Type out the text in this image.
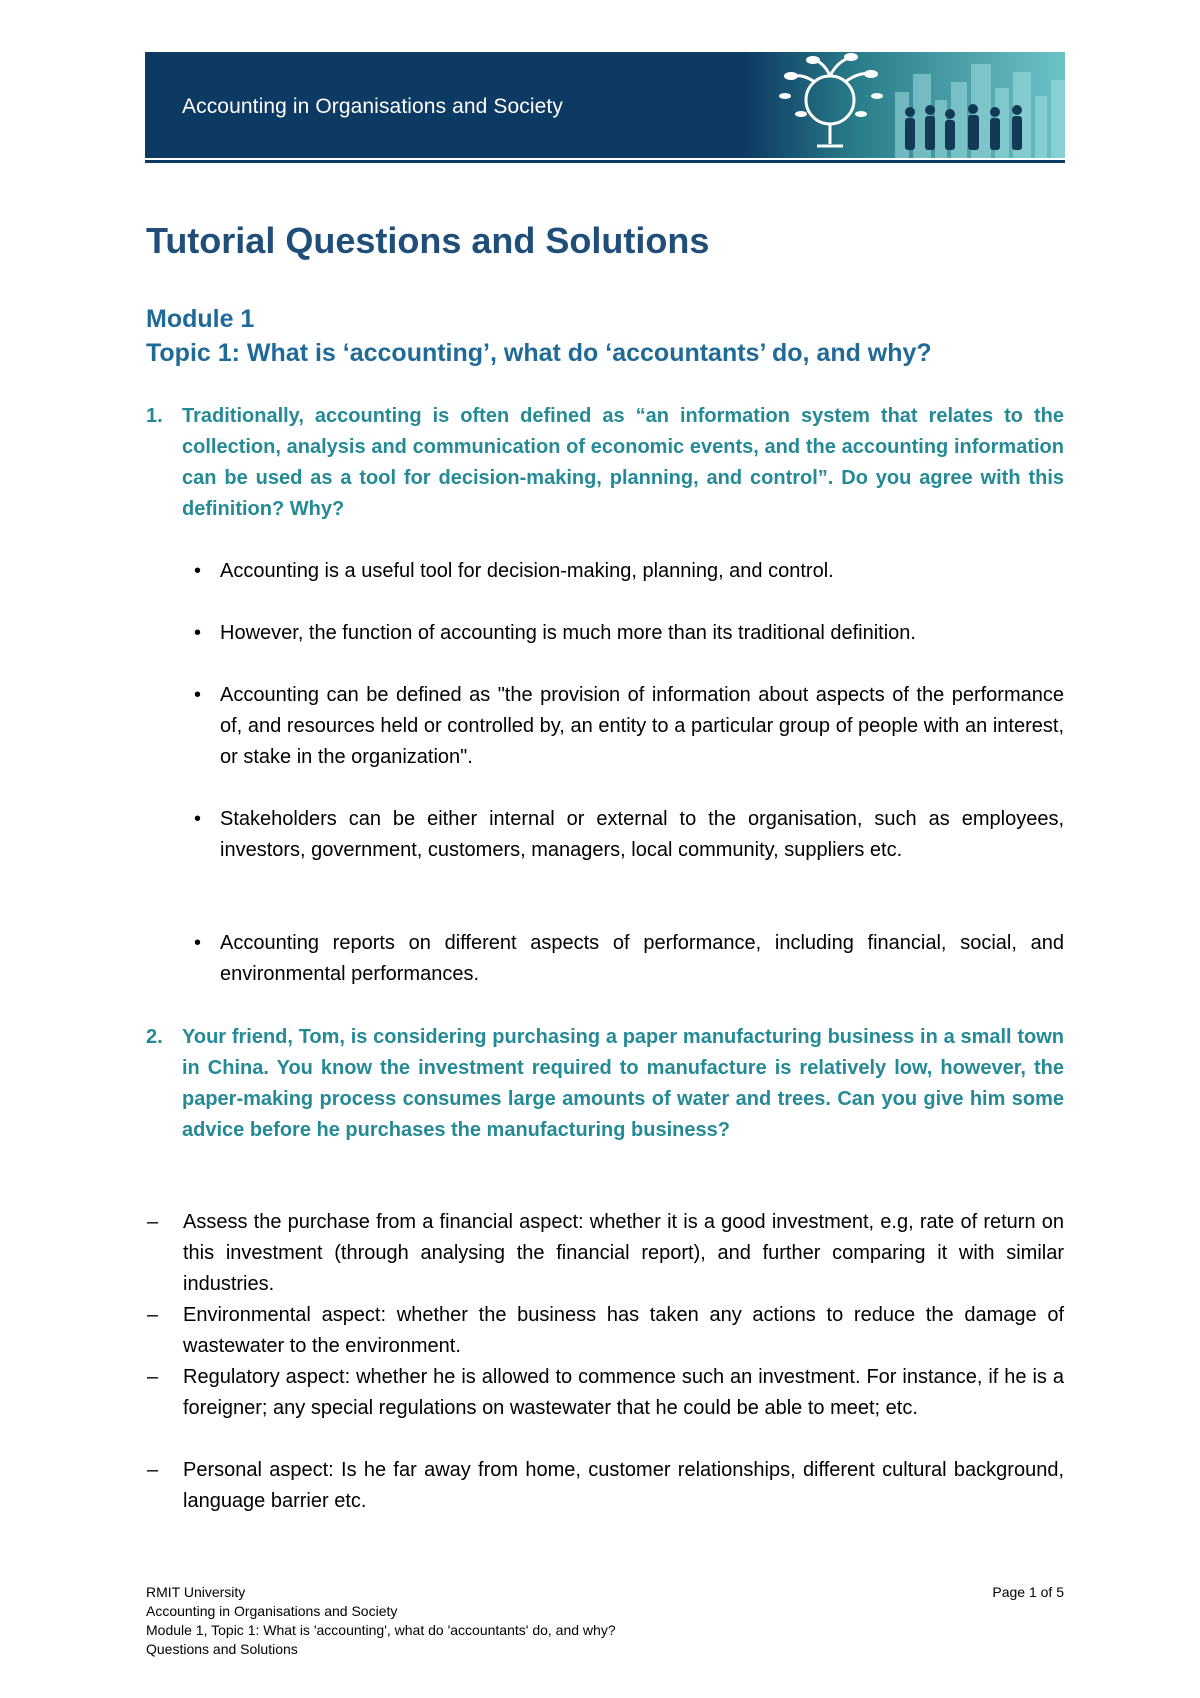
Accounting in Organisations and Society
Tutorial Questions and Solutions
Module 1
Topic 1: What is ‘accounting’, what do ‘accountants’ do, and why?
1. Traditionally, accounting is often defined as “an information system that relates to the collection, analysis and communication of economic events, and the accounting information can be used as a tool for decision-making, planning, and control”. Do you agree with this definition? Why?
• Accounting is a useful tool for decision-making, planning, and control.
• However, the function of accounting is much more than its traditional definition.
• Accounting can be defined as "the provision of information about aspects of the performance of, and resources held or controlled by, an entity to a particular group of people with an interest, or stake in the organization".
• Stakeholders can be either internal or external to the organisation, such as employees, investors, government, customers, managers, local community, suppliers etc.
• Accounting reports on different aspects of performance, including financial, social, and environmental performances.
2. Your friend, Tom, is considering purchasing a paper manufacturing business in a small town in China. You know the investment required to manufacture is relatively low, however, the paper-making process consumes large amounts of water and trees. Can you give him some advice before he purchases the manufacturing business?
– Assess the purchase from a financial aspect: whether it is a good investment, e.g, rate of return on this investment (through analysing the financial report), and further comparing it with similar industries.
– Environmental aspect: whether the business has taken any actions to reduce the damage of wastewater to the environment.
– Regulatory aspect: whether he is allowed to commence such an investment. For instance, if he is a foreigner; any special regulations on wastewater that he could be able to meet; etc.
– Personal aspect: Is he far away from home, customer relationships, different cultural background, language barrier etc.
RMIT University
Accounting in Organisations and Society
Module 1, Topic 1: What is 'accounting', what do 'accountants' do, and why?
Questions and Solutions
Page 1 of 5
